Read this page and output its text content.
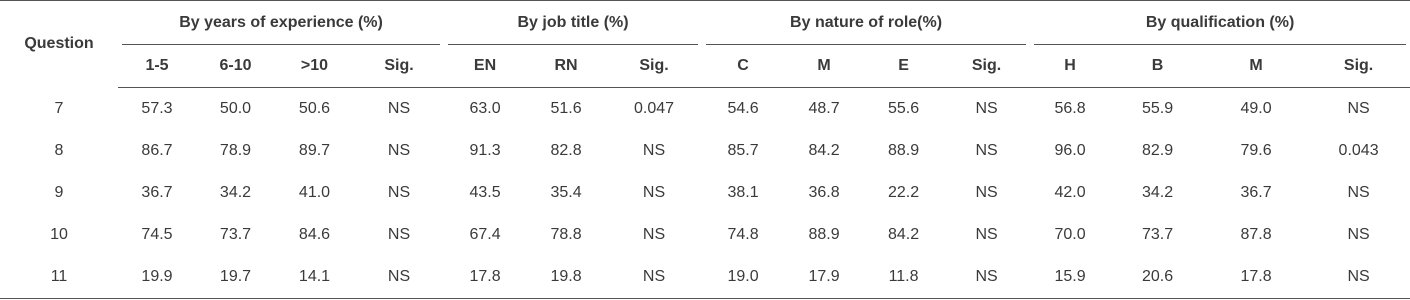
Question	By years of experience (%)				By job title (%)			By nature of role(%)				By qualification (%)			

	1-5	6-10	>10	Sig.	EN	RN	Sig.	C	M	E	Sig.	H	B	M	Sig.
7	57.3	50.0	50.6	NS	63.0	51.6	0.047	54.6	48.7	55.6	NS	56.8	55.9	49.0	NS
8	86.7	78.9	89.7	NS	91.3	82.8	NS	85.7	84.2	88.9	NS	96.0	82.9	79.6	0.043
9	36.7	34.2	41.0	NS	43.5	35.4	NS	38.1	36.8	22.2	NS	42.0	34.2	36.7	NS
10	74.5	73.7	84.6	NS	67.4	78.8	NS	74.8	88.9	84.2	NS	70.0	73.7	87.8	NS
11	19.9	19.7	14.1	NS	17.8	19.8	NS	19.0	17.9	11.8	NS	15.9	20.6	17.8	NS
